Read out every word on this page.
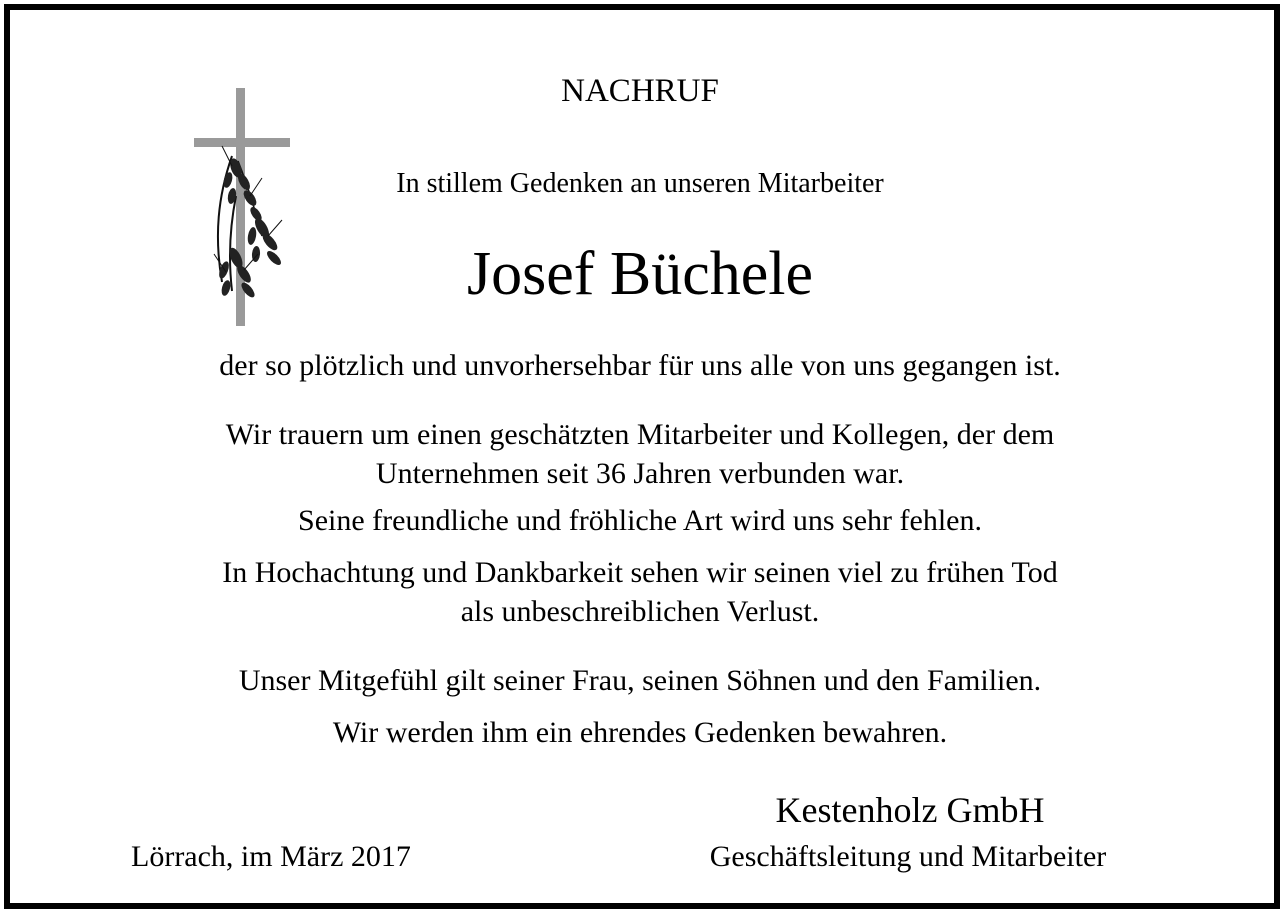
NACHRUF
In stillem Gedenken an unseren Mitarbeiter
Josef Büchele
der so plötzlich und unvorhersehbar für uns alle von uns gegangen ist.
Wir trauern um einen geschätzten Mitarbeiter und Kollegen, der dem
Unternehmen seit 36 Jahren verbunden war.
Seine freundliche und fröhliche Art wird uns sehr fehlen.
In Hochachtung und Dankbarkeit sehen wir seinen viel zu frühen Tod
als unbeschreiblichen Verlust.
Unser Mitgefühl gilt seiner Frau, seinen Söhnen und den Familien.
Wir werden ihm ein ehrendes Gedenken bewahren.
Kestenholz GmbH
Lörrach, im März 2017	Geschäftsleitung und Mitarbeiter
